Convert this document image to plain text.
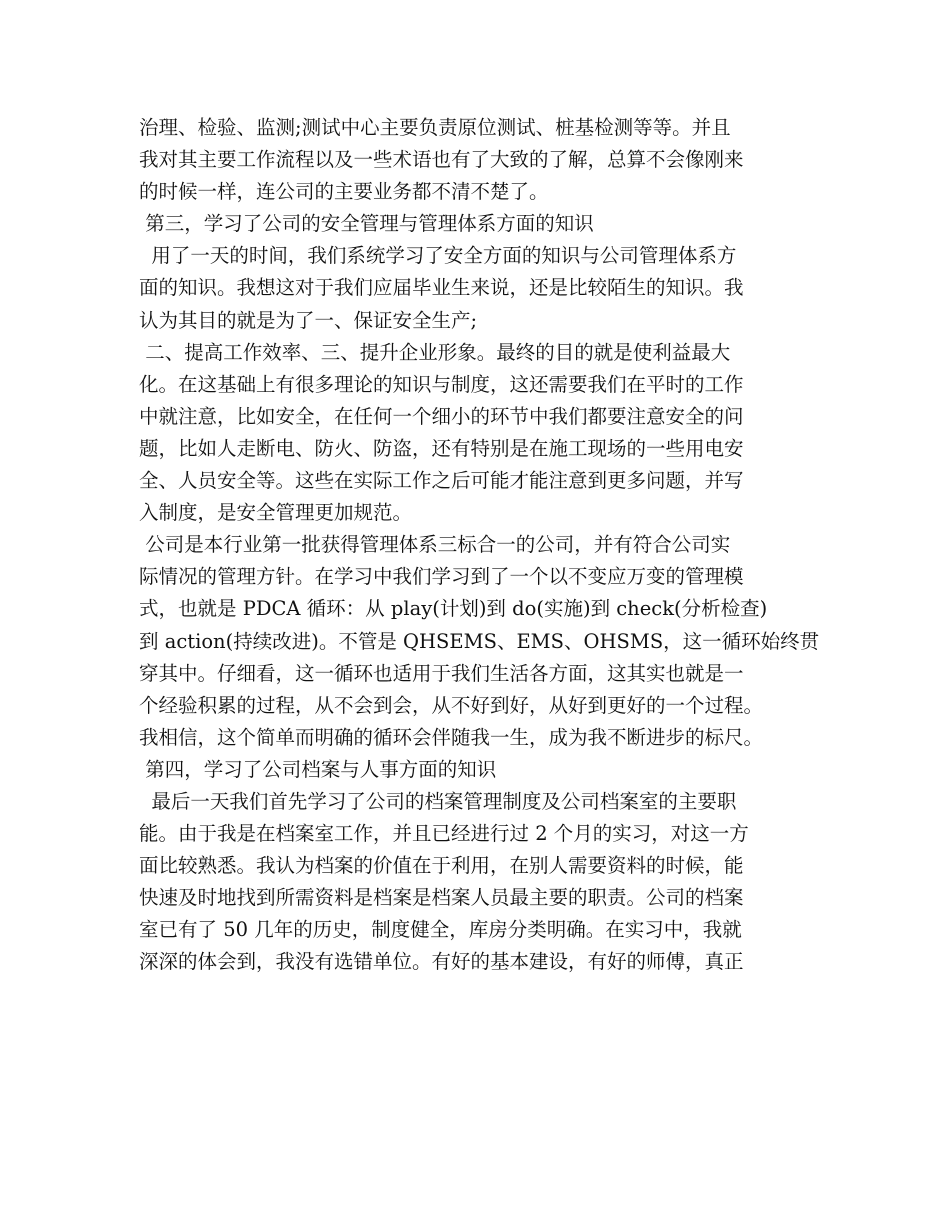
治理、检验、监测;测试中心主要负责原位测试、桩基检测等等。并且
我对其主要工作流程以及一些术语也有了大致的了解，总算不会像刚来
的时候一样，连公司的主要业务都不清不楚了。
第三，学习了公司的安全管理与管理体系方面的知识
用了一天的时间，我们系统学习了安全方面的知识与公司管理体系方
面的知识。我想这对于我们应届毕业生来说，还是比较陌生的知识。我
认为其目的就是为了一、保证安全生产;
二、提高工作效率、三、提升企业形象。最终的目的就是使利益最大
化。在这基础上有很多理论的知识与制度，这还需要我们在平时的工作
中就注意，比如安全，在任何一个细小的环节中我们都要注意安全的问
题，比如人走断电、防火、防盗，还有特别是在施工现场的一些用电安
全、人员安全等。这些在实际工作之后可能才能注意到更多问题，并写
入制度，是安全管理更加规范。
公司是本行业第一批获得管理体系三标合一的公司，并有符合公司实
际情况的管理方针。在学习中我们学习到了一个以不变应万变的管理模
式，也就是 PDCA 循环：从 play(计划)到 do(实施)到 check(分析检查)
到 action(持续改进)。不管是 QHSEMS、EMS、OHSMS，这一循环始终贯
穿其中。仔细看，这一循环也适用于我们生活各方面，这其实也就是一
个经验积累的过程，从不会到会，从不好到好，从好到更好的一个过程。
我相信，这个简单而明确的循环会伴随我一生，成为我不断进步的标尺。
第四，学习了公司档案与人事方面的知识
最后一天我们首先学习了公司的档案管理制度及公司档案室的主要职
能。由于我是在档案室工作，并且已经进行过 2 个月的实习，对这一方
面比较熟悉。我认为档案的价值在于利用，在别人需要资料的时候，能
快速及时地找到所需资料是档案是档案人员最主要的职责。公司的档案
室已有了 50 几年的历史，制度健全，库房分类明确。在实习中，我就
深深的体会到，我没有选错单位。有好的基本建设，有好的师傅，真正
